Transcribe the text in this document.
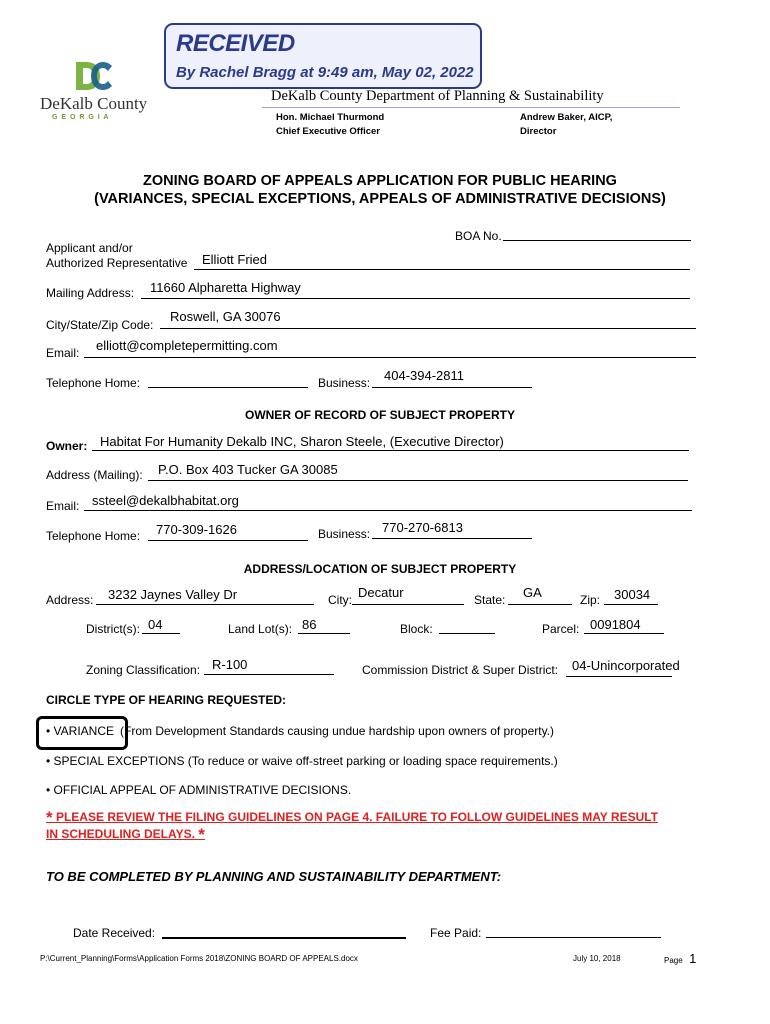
RECEIVED
By Rachel Bragg at 9:49 am, May 02, 2022
DeKalb County
G E O R G I A
DeKalb County Department of Planning & Sustainability
Hon. Michael Thurmond
Chief Executive Officer
Andrew Baker, AICP,
Director
ZONING BOARD OF APPEALS APPLICATION FOR PUBLIC HEARING
(VARIANCES, SPECIAL EXCEPTIONS, APPEALS OF ADMINISTRATIVE DECISIONS)
BOA No.
Applicant and/or
Authorized Representative Elliott Fried
Mailing Address: 11660 Alpharetta Highway
City/State/Zip Code:
Roswell, GA 30076
Email: elliott@completepermitting.com
Telephone Home:	Business: 404-394-2811
OWNER OF RECORD OF SUBJECT PROPERTY
Owner: Habitat For Humanity Dekalb INC, Sharon Steele, (Executive Director)
Address (Mailing): P.O. Box 403 Tucker GA 30085
Email: ssteel@dekalbhabitat.org
Telephone Home: 770-309-1626	Business: 770-270-6813
ADDRESS/LOCATION OF SUBJECT PROPERTY
Address: 3232 Jaynes Valley Dr	City: Decatur	State: GA	Zip: 30034
District(s): 04	Land Lot(s): 86	Block:	Parcel: 0091804
Zoning Classification: R-100	Commission District & Super District: 04-Unincorporated
CIRCLE TYPE OF HEARING REQUESTED:
• VARIANCE (From Development Standards causing undue hardship upon owners of property.)
• SPECIAL EXCEPTIONS (To reduce or waive off-street parking or loading space requirements.)
• OFFICIAL APPEAL OF ADMINISTRATIVE DECISIONS.
* PLEASE REVIEW THE FILING GUIDELINES ON PAGE 4. FAILURE TO FOLLOW GUIDELINES MAY RESULT
IN SCHEDULING DELAYS. *
TO BE COMPLETED BY PLANNING AND SUSTAINABILITY DEPARTMENT:
Date Received:	Fee Paid:
P:\Current_Planning\Forms\Application Forms 2018\ZONING BOARD OF APPEALS.docx	July 10, 2018	Page 1
